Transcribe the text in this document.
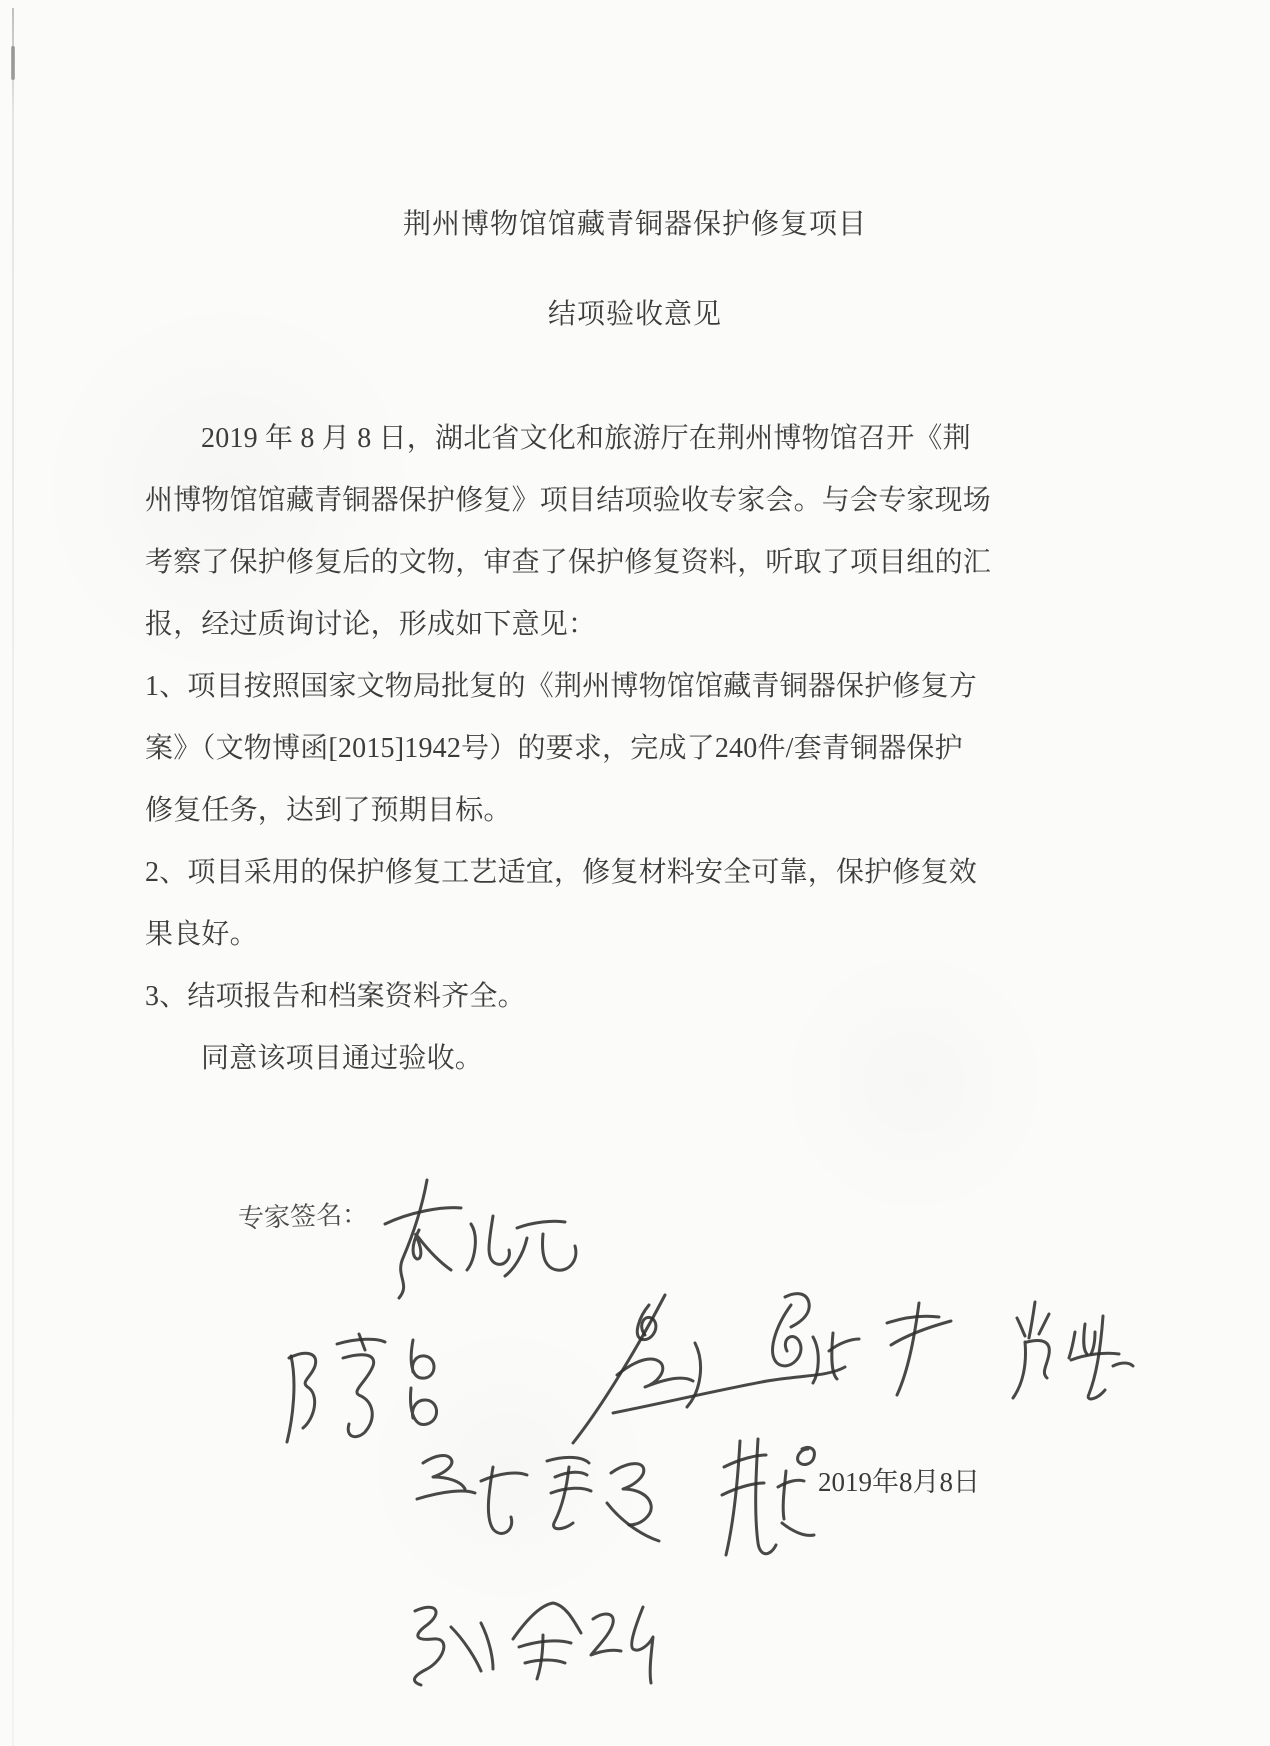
荆州博物馆馆藏青铜器保护修复项目
结项验收意见
2019 年 8 月 8 日，湖北省文化和旅游厅在荆州博物馆召开《荆
州博物馆馆藏青铜器保护修复》项目结项验收专家会。与会专家现场
考察了保护修复后的文物，审查了保护修复资料，听取了项目组的汇
报，经过质询讨论，形成如下意见：
1、项目按照国家文物局批复的《荆州博物馆馆藏青铜器保护修复方
案》（文物博函[2015]1942号）的要求，完成了240件/套青铜器保护
修复任务，达到了预期目标。
2、项目采用的保护修复工艺适宜，修复材料安全可靠，保护修复效
果良好。
3、结项报告和档案资料齐全。
同意该项目通过验收。
专家签名：
2019年8月8日
